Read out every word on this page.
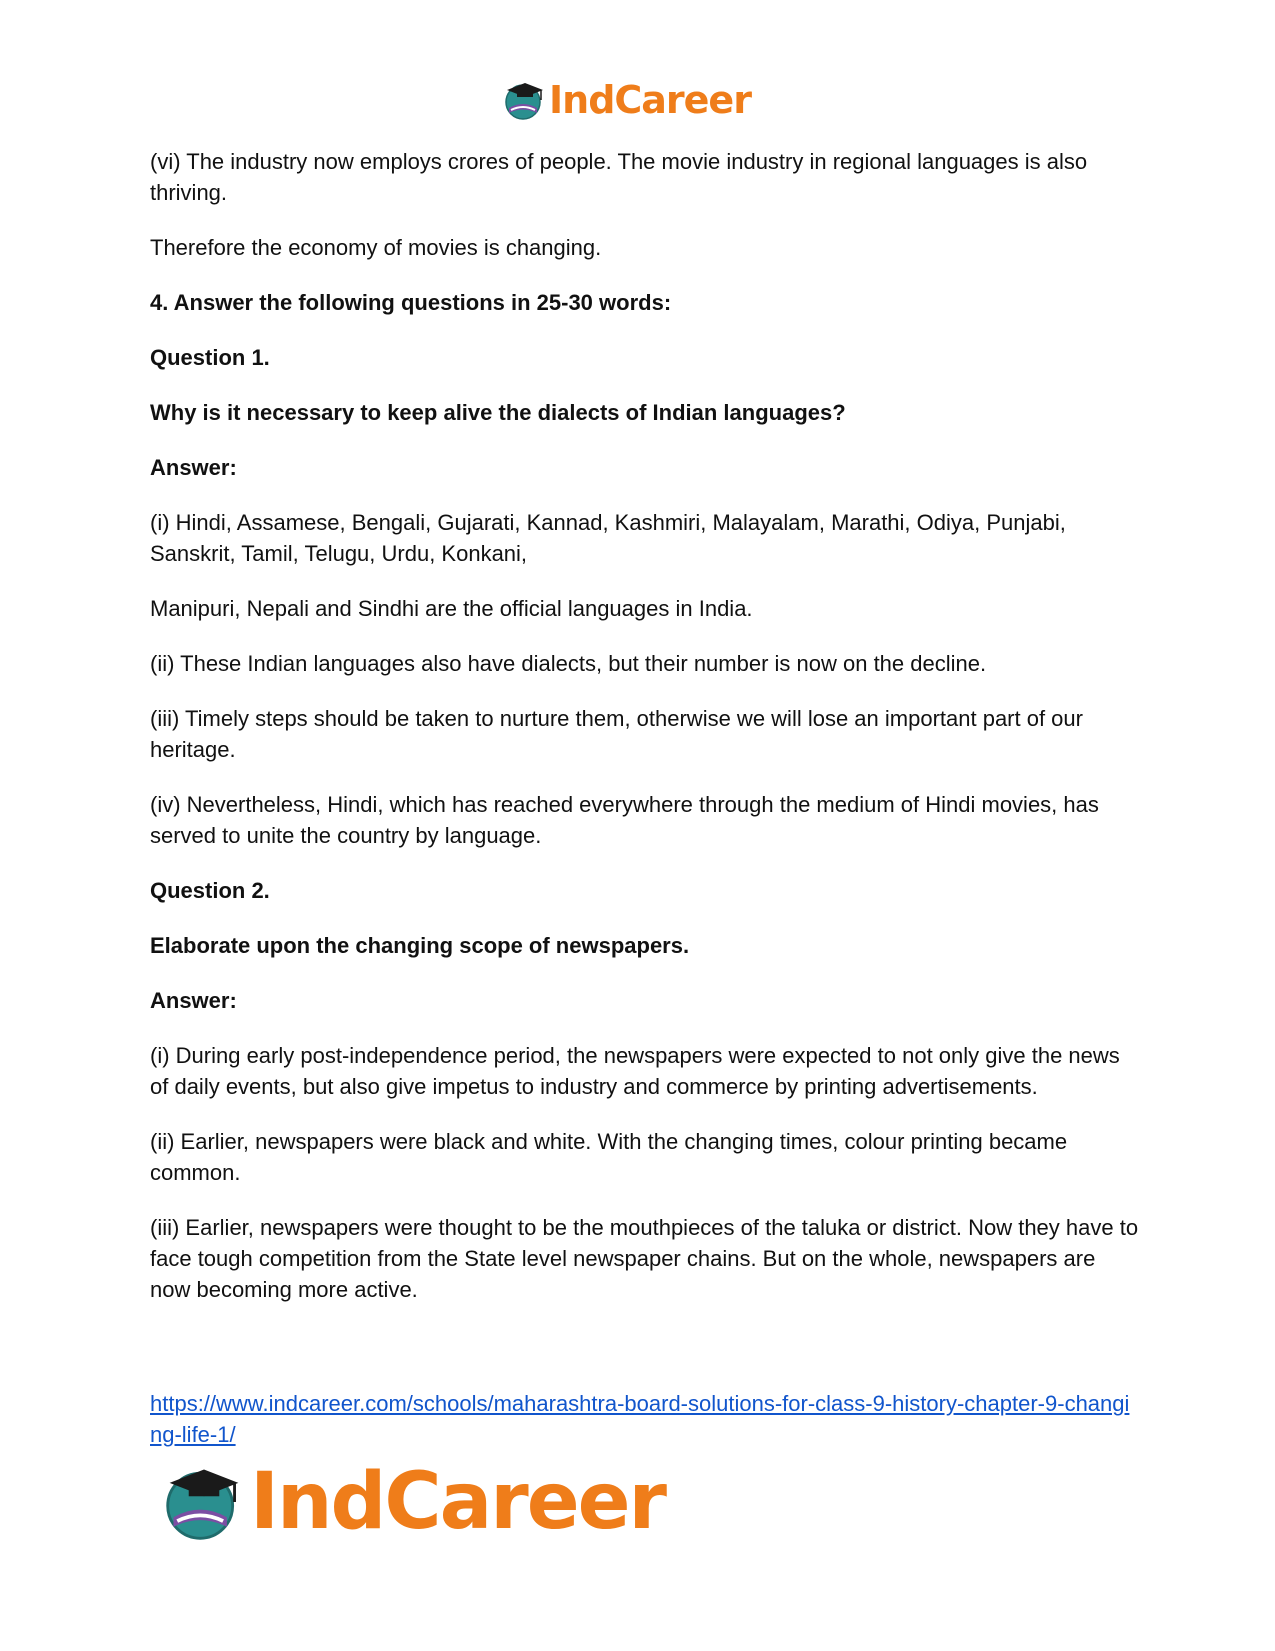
IndCareer

(vi) The industry now employs crores of people. The movie industry in regional languages is also thriving.

Therefore the economy of movies is changing.

4. Answer the following questions in 25-30 words:

Question 1.

Why is it necessary to keep alive the dialects of Indian languages?

Answer:

(i) Hindi, Assamese, Bengali, Gujarati, Kannad, Kashmiri, Malayalam, Marathi, Odiya, Punjabi, Sanskrit, Tamil, Telugu, Urdu, Konkani,

Manipuri, Nepali and Sindhi are the official languages in India.

(ii) These Indian languages also have dialects, but their number is now on the decline.

(iii) Timely steps should be taken to nurture them, otherwise we will lose an important part of our heritage.

(iv) Nevertheless, Hindi, which has reached everywhere through the medium of Hindi movies, has served to unite the country by language.

Question 2.

Elaborate upon the changing scope of newspapers.

Answer:

(i) During early post-independence period, the newspapers were expected to not only give the news of daily events, but also give impetus to industry and commerce by printing advertisements.

(ii) Earlier, newspapers were black and white. With the changing times, colour printing became common.

(iii) Earlier, newspapers were thought to be the mouthpieces of the taluka or district. Now they have to face tough competition from the State level newspaper chains. But on the whole, newspapers are now becoming more active.

https://www.indcareer.com/schools/maharashtra-board-solutions-for-class-9-history-chapter-9-changing-life-1/
IndCareer
